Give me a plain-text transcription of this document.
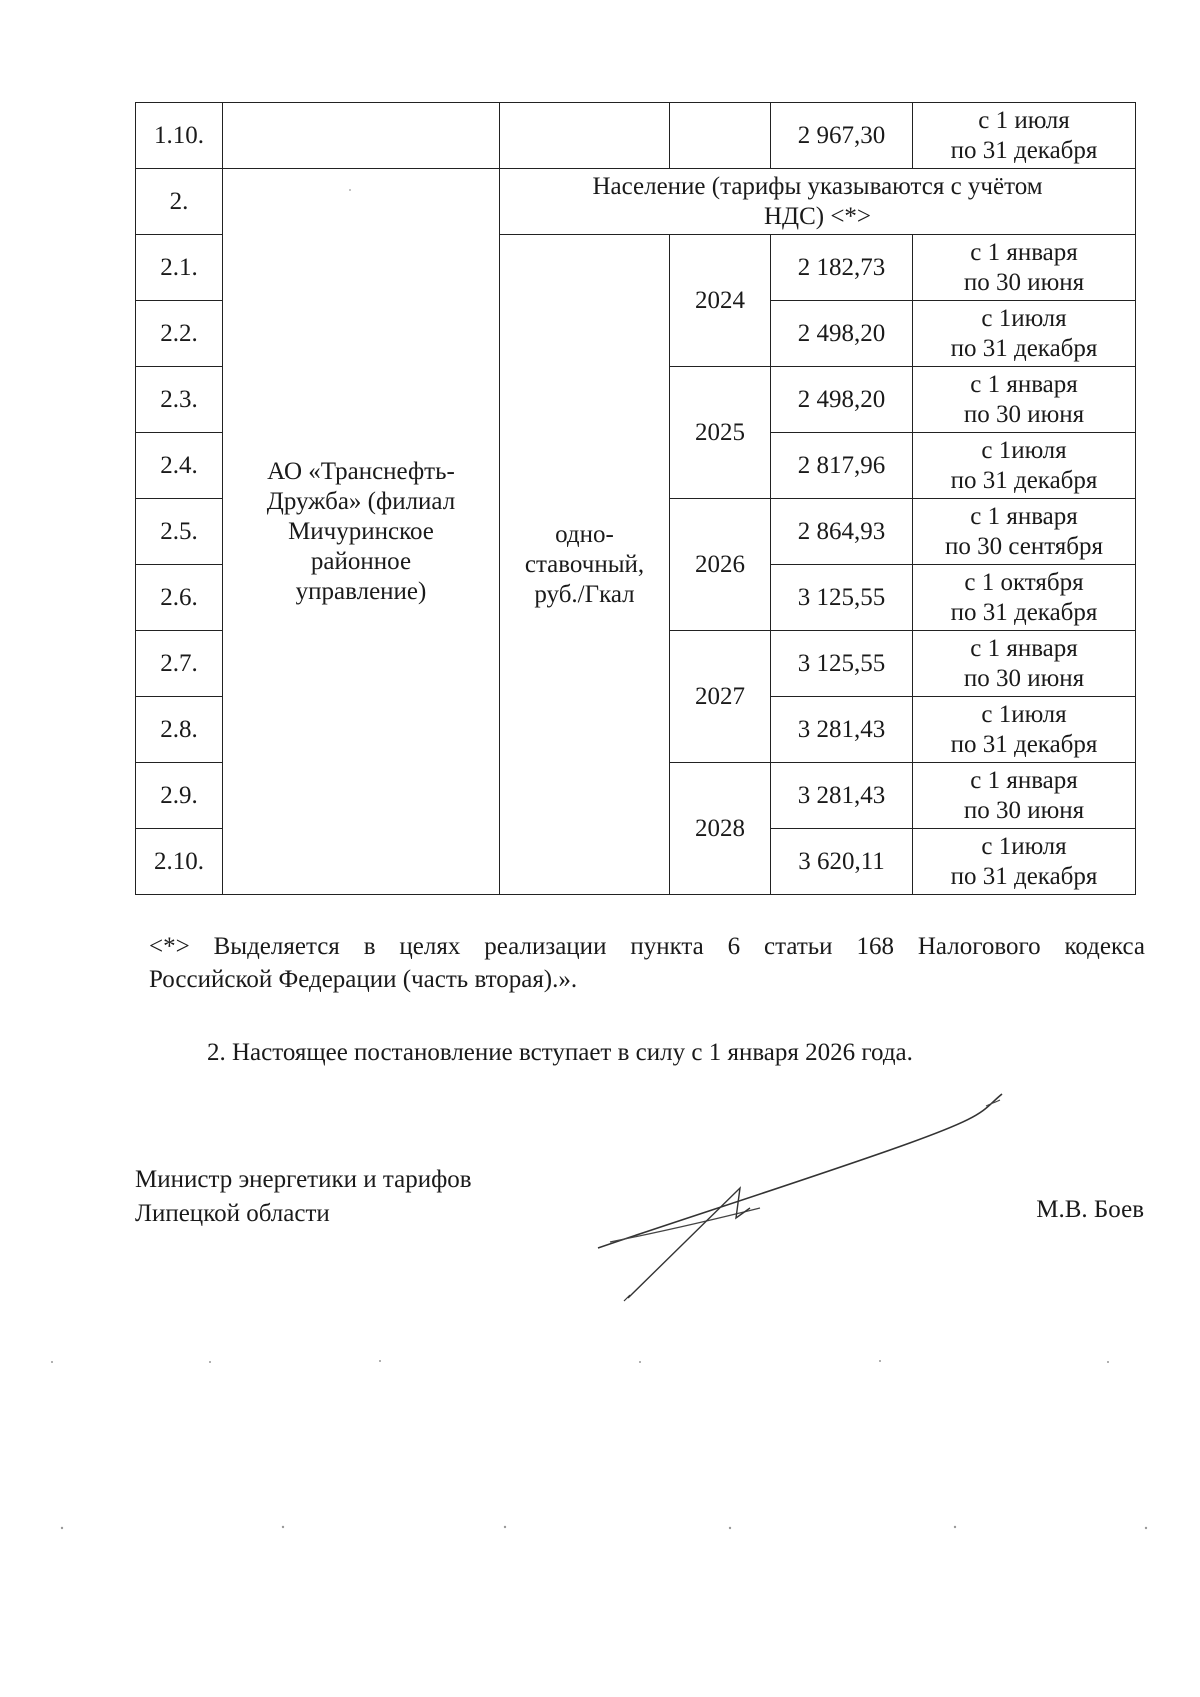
1.10.				2 967,30	с 1 июля
по 31 декабря
2.	АО «Транснефть-
Дружба» (филиал
Мичуринское
районное
управление)	Население (тарифы указываются с учётом
НДС) <*>			
2.1.		одно-
ставочный,
руб./Гкал	2024	2 182,73	с 1 января
по 30 июня
2.2.				2 498,20	с 1июля
по 31 декабря
2.3.			2025	2 498,20	с 1 января
по 30 июня
2.4.				2 817,96	с 1июля
по 31 декабря
2.5.			2026	2 864,93	с 1 января
по 30 сентября
2.6.				3 125,55	с 1 октября
по 31 декабря
2.7.			2027	3 125,55	с 1 января
по 30 июня
2.8.				3 281,43	с 1июля
по 31 декабря
2.9.			2028	3 281,43	с 1 января
по 30 июня
2.10.				3 620,11	с 1июля
по 31 декабря
<*> Выделяется в целях реализации пункта 6 статьи 168 Налогового кодекса
Российской Федерации (часть вторая).».
2. Настоящее постановление вступает в силу с 1 января 2026 года.
Министр энергетики и тарифов
Липецкой области	М.В. Боев
